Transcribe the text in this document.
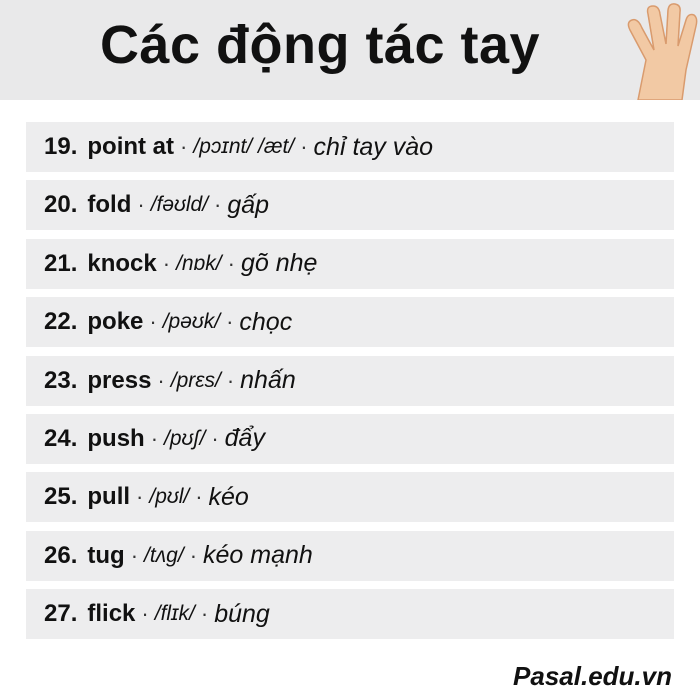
Các động tác tay
19. point at · /pɔɪnt/ /æt/ · chỉ tay vào
20. fold · /fəʊld/ · gấp
21. knock · /nɒk/ · gõ nhẹ
22. poke · /pəʊk/ · chọc
23. press · /prɛs/ · nhấn
24. push · /pʊʃ/ · đẩy
25. pull · /pʊl/ · kéo
26. tug · /tʌg/ · kéo mạnh
27. flick · /flɪk/ · búng
Pasal.edu.vn
